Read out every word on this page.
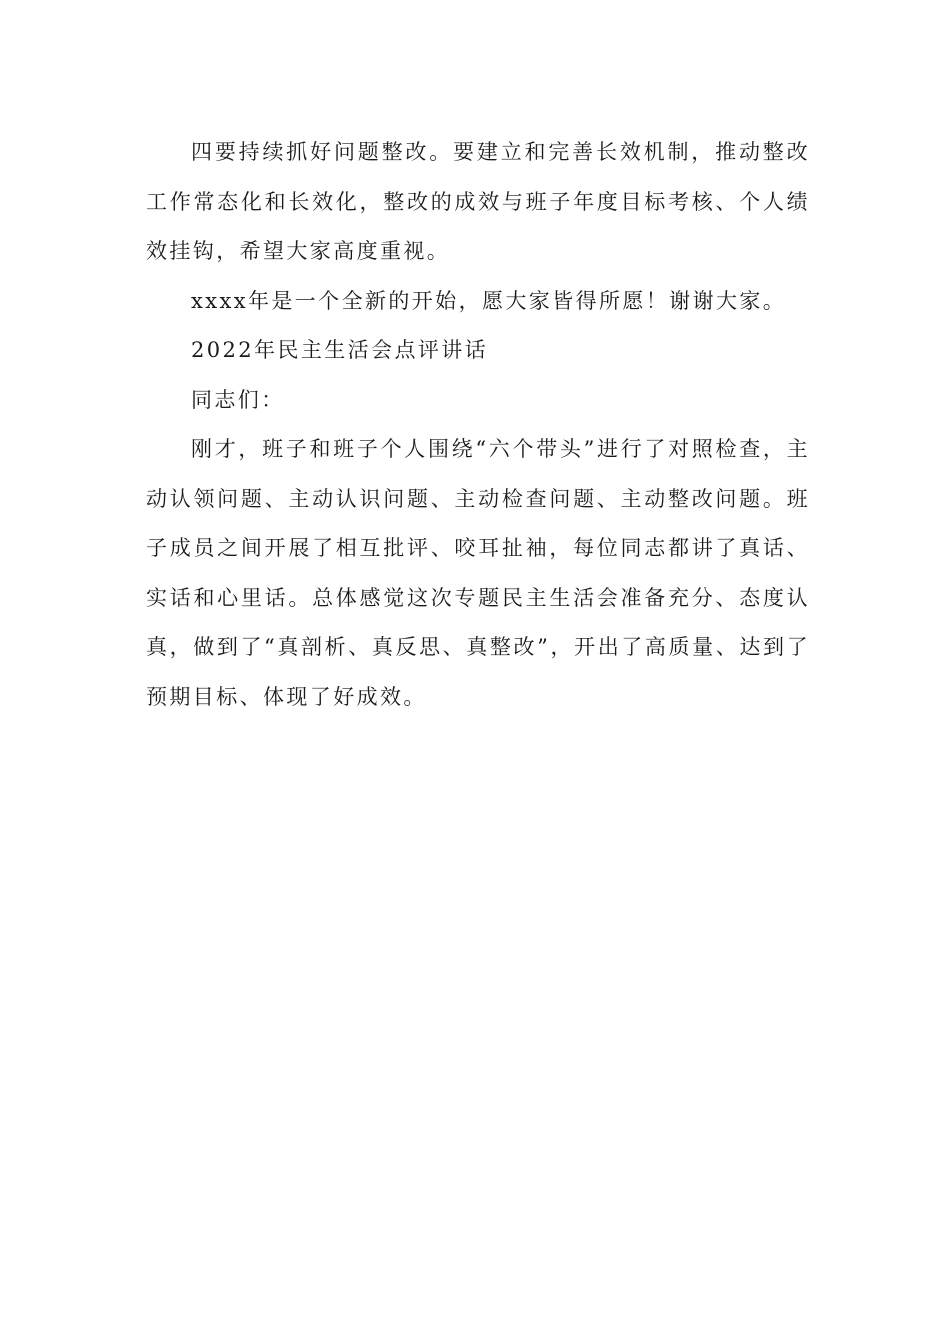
四要持续抓好问题整改。要建立和完善长效机制，推动整改工作常态化和长效化，整改的成效与班子年度目标考核、个人绩效挂钩，希望大家高度重视。

xxxx年是一个全新的开始，愿大家皆得所愿！谢谢大家。

2022年民主生活会点评讲话

同志们：

刚才，班子和班子个人围绕“六个带头”进行了对照检查，主动认领问题、主动认识问题、主动检查问题、主动整改问题。班子成员之间开展了相互批评、咬耳扯袖，每位同志都讲了真话、实话和心里话。总体感觉这次专题民主生活会准备充分、态度认真，做到了“真剖析、真反思、真整改”，开出了高质量、达到了预期目标、体现了好成效。
